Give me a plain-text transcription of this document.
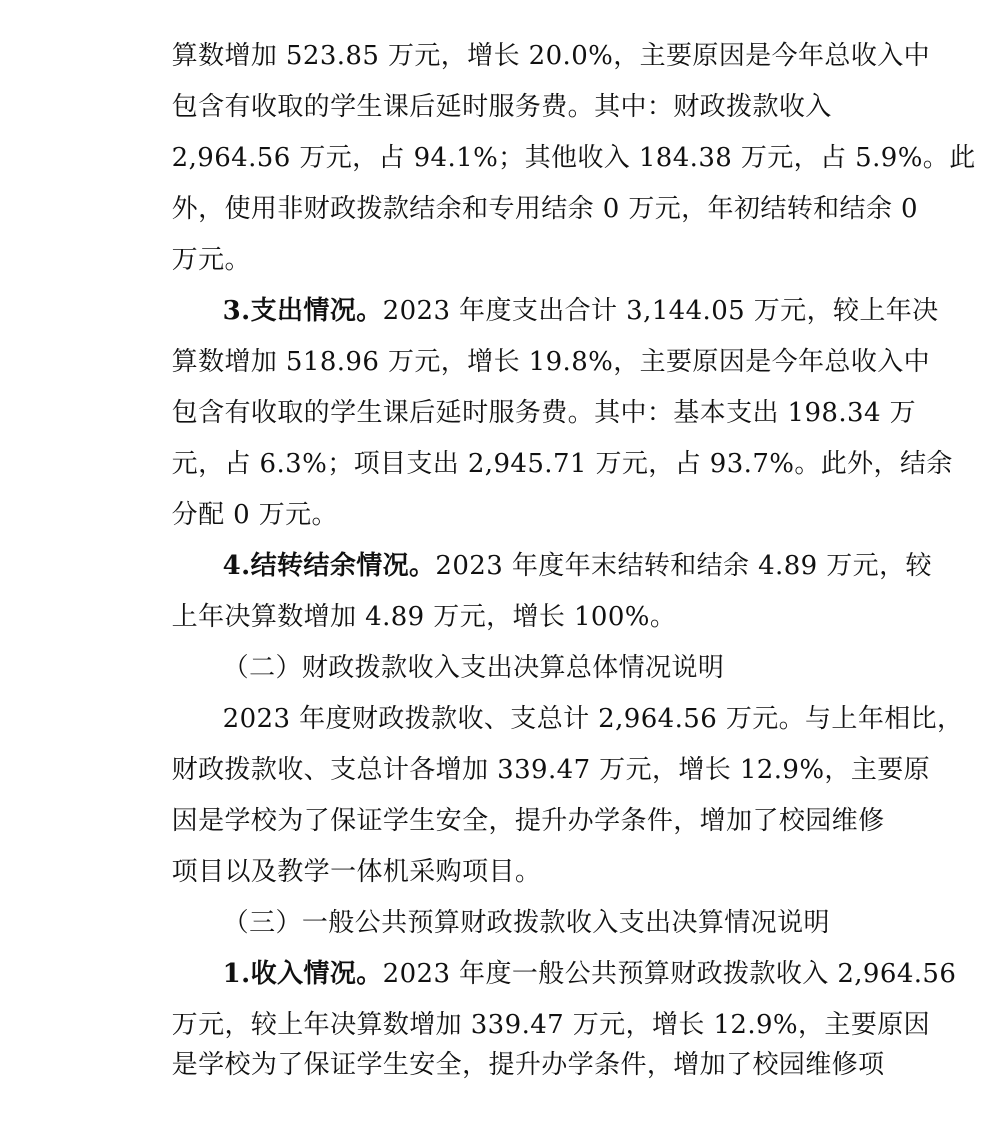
算数增加 523.85 万元，增长 20.0%，主要原因是今年总收入中

包含有收取的学生课后延时服务费。其中：财政拨款收入

2,964.56 万元，占 94.1%；其他收入 184.38 万元，占 5.9%。此

外，使用非财政拨款结余和专用结余 0 万元，年初结转和结余 0

万元。

3.支出情况。2023 年度支出合计 3,144.05 万元，较上年决

算数增加 518.96 万元，增长 19.8%，主要原因是今年总收入中

包含有收取的学生课后延时服务费。其中：基本支出 198.34 万

元，占 6.3%；项目支出 2,945.71 万元，占 93.7%。此外，结余

分配 0 万元。

4.结转结余情况。2023 年度年末结转和结余 4.89 万元，较

上年决算数增加 4.89 万元，增长 100%。

（二）财政拨款收入支出决算总体情况说明

2023 年度财政拨款收、支总计 2,964.56 万元。与上年相比，

财政拨款收、支总计各增加 339.47 万元，增长 12.9%，主要原

因是学校为了保证学生安全，提升办学条件，增加了校园维修

项目以及教学一体机采购项目。

（三）一般公共预算财政拨款收入支出决算情况说明

1.收入情况。2023 年度一般公共预算财政拨款收入 2,964.56

万元，较上年决算数增加 339.47 万元，增长 12.9%，主要原因

是学校为了保证学生安全，提升办学条件，增加了校园维修项
